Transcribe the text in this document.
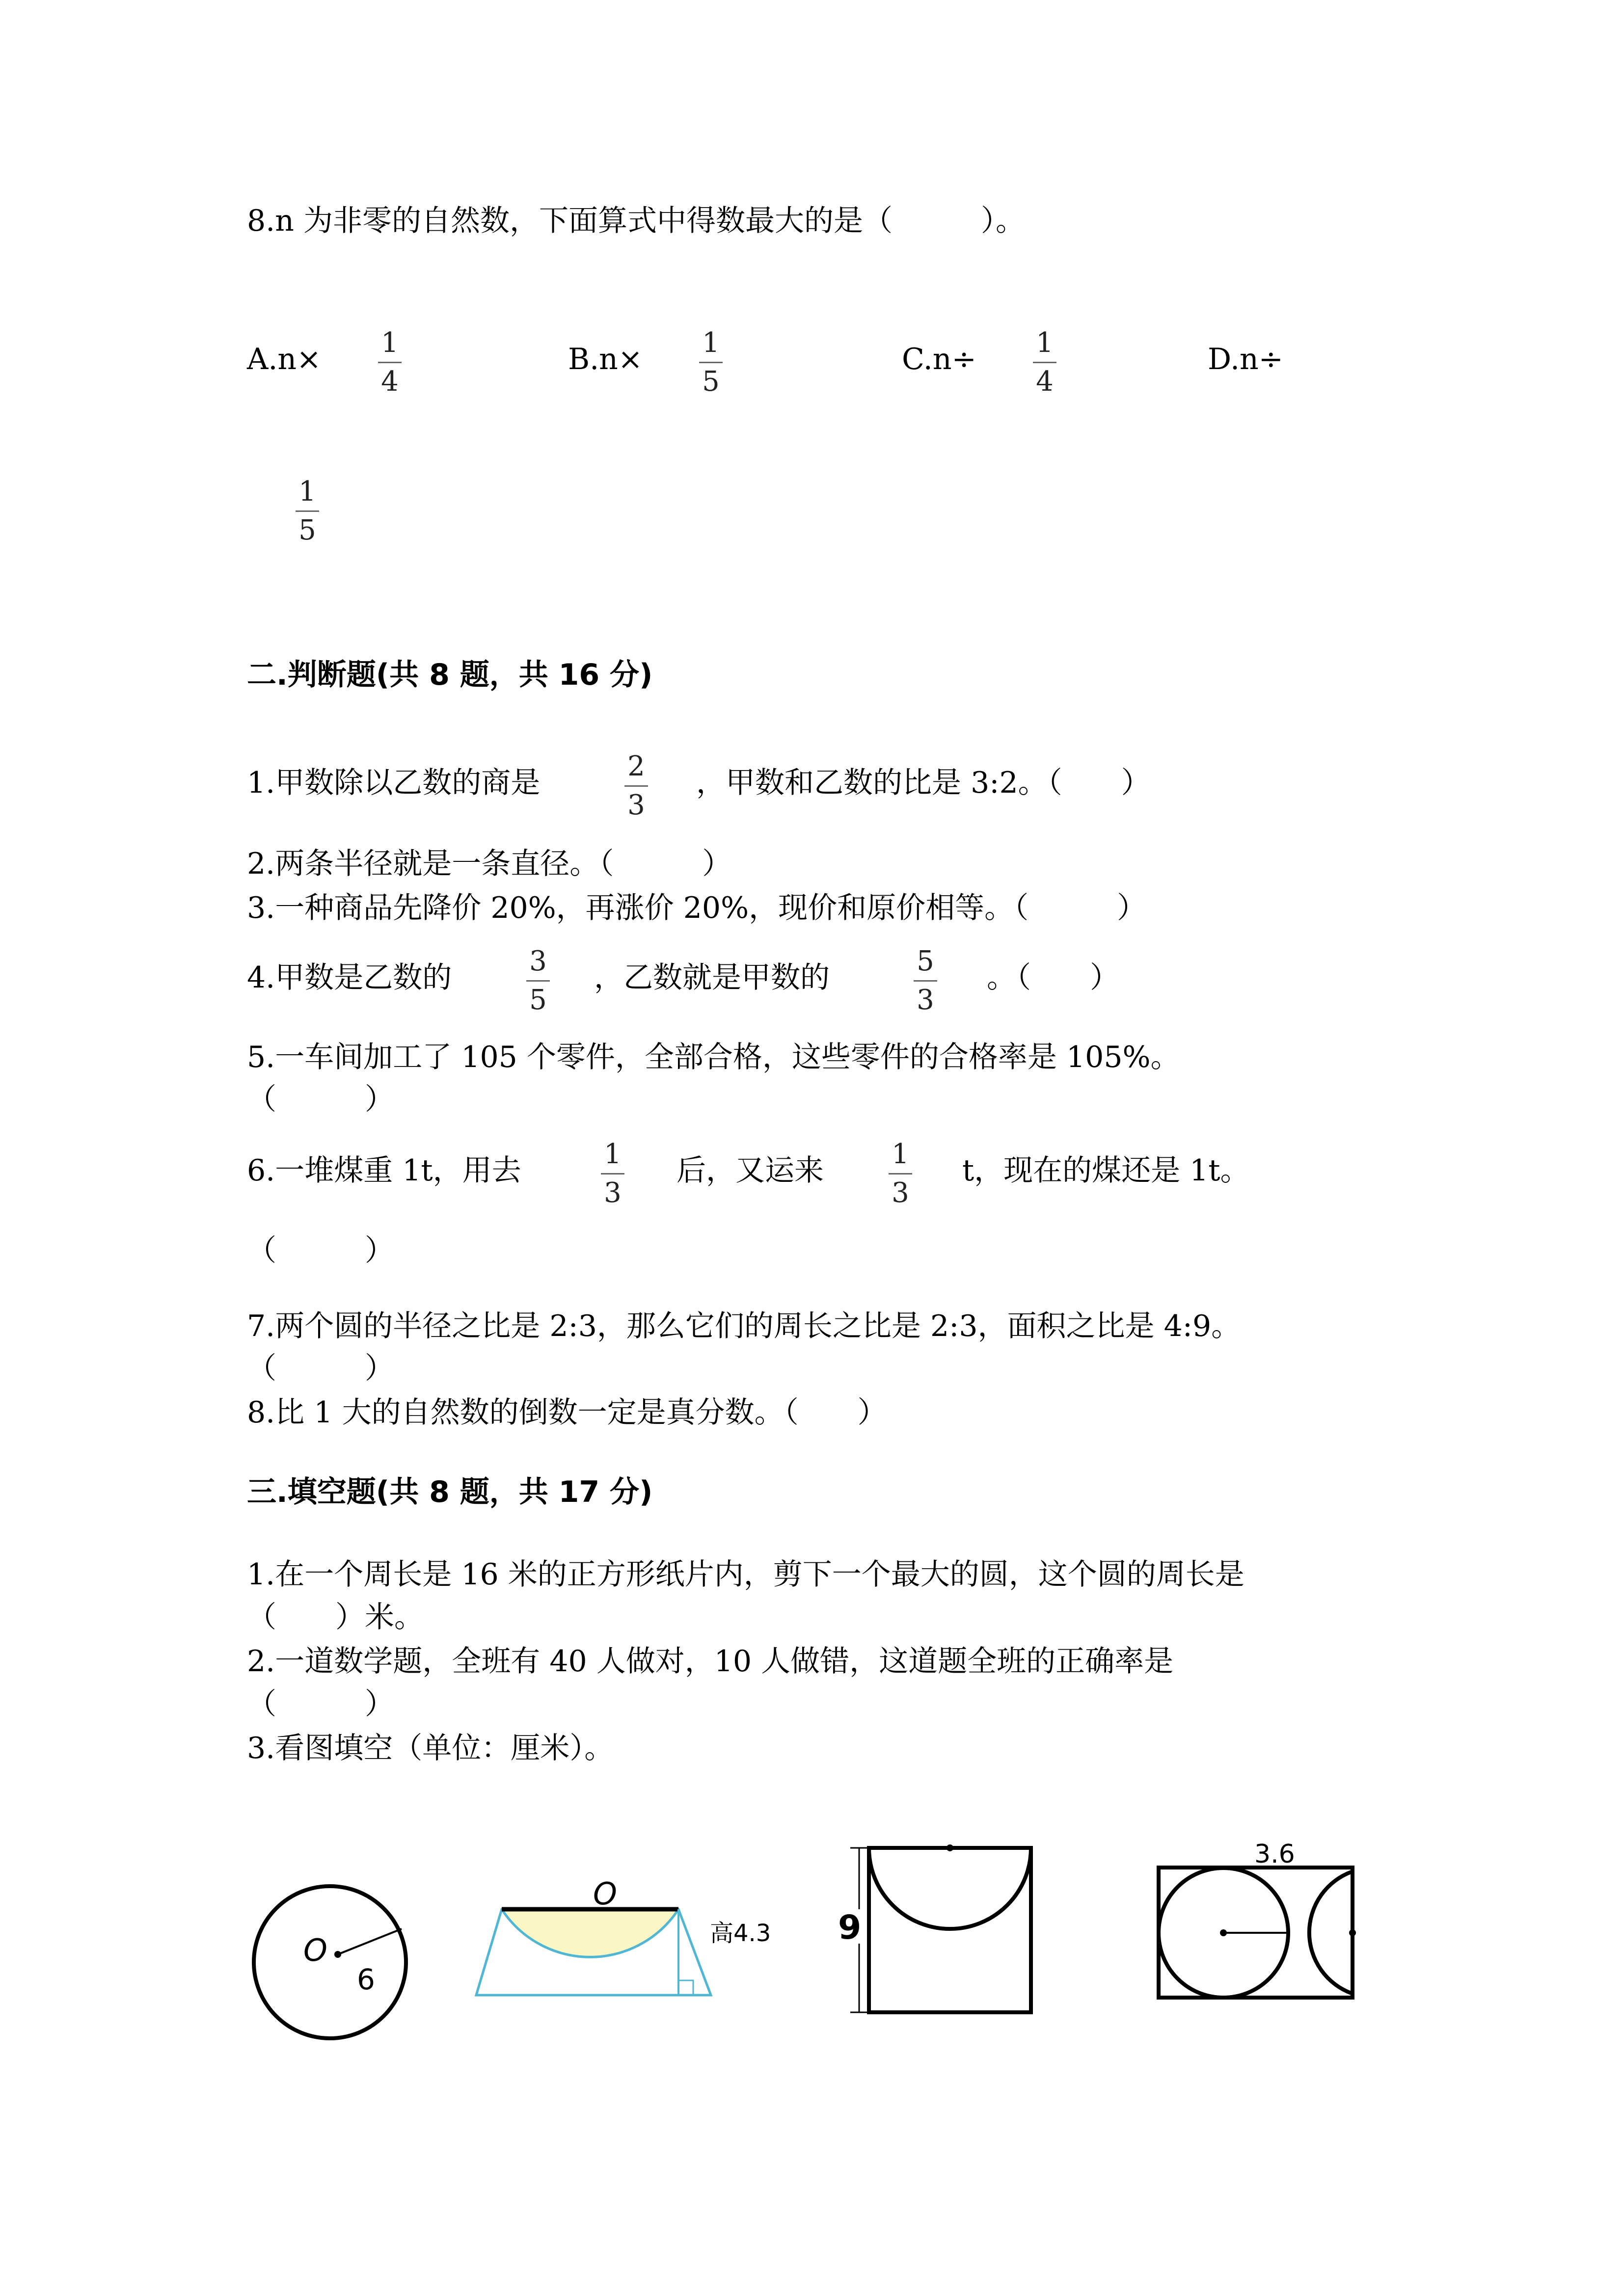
8.n 为非零的自然数，下面算式中得数最大的是（　　　）。
A.n× 1
4
B.n× 1
5
C.n÷ 1
4
D.n÷
1
5
二.判断题(共 8 题，共 16 分)
1.甲数除以乙数的商是	2
3
，甲数和乙数的比是 3:2。（　　）
2.两条半径就是一条直径。（　　　）
3.一种商品先降价 20%，再涨价 20%，现价和原价相等。（　　　）
4.甲数是乙数的	3
5
，乙数就是甲数的	5
3
。（　　）
5.一车间加工了 105 个零件，全部合格，这些零件的合格率是 105%。
（　　　）
6.一堆煤重 1t，用去	1
3
后，又运来 1
3
t，现在的煤还是 1t。
（　　　）
7.两个圆的半径之比是 2:3，那么它们的周长之比是 2:3，面积之比是 4:9。
（　　　）
8.比 1 大的自然数的倒数一定是真分数。（　　）
三.填空题(共 8 题，共 17 分)
1.在一个周长是 16 米的正方形纸片内，剪下一个最大的圆，这个圆的周长是
（　　）米。
2.一道数学题，全班有 40 人做对，10 人做错，这道题全班的正确率是
（　　　）
3.看图填空（单位：厘米）。
O
6
O
高4.3 9
3.6
